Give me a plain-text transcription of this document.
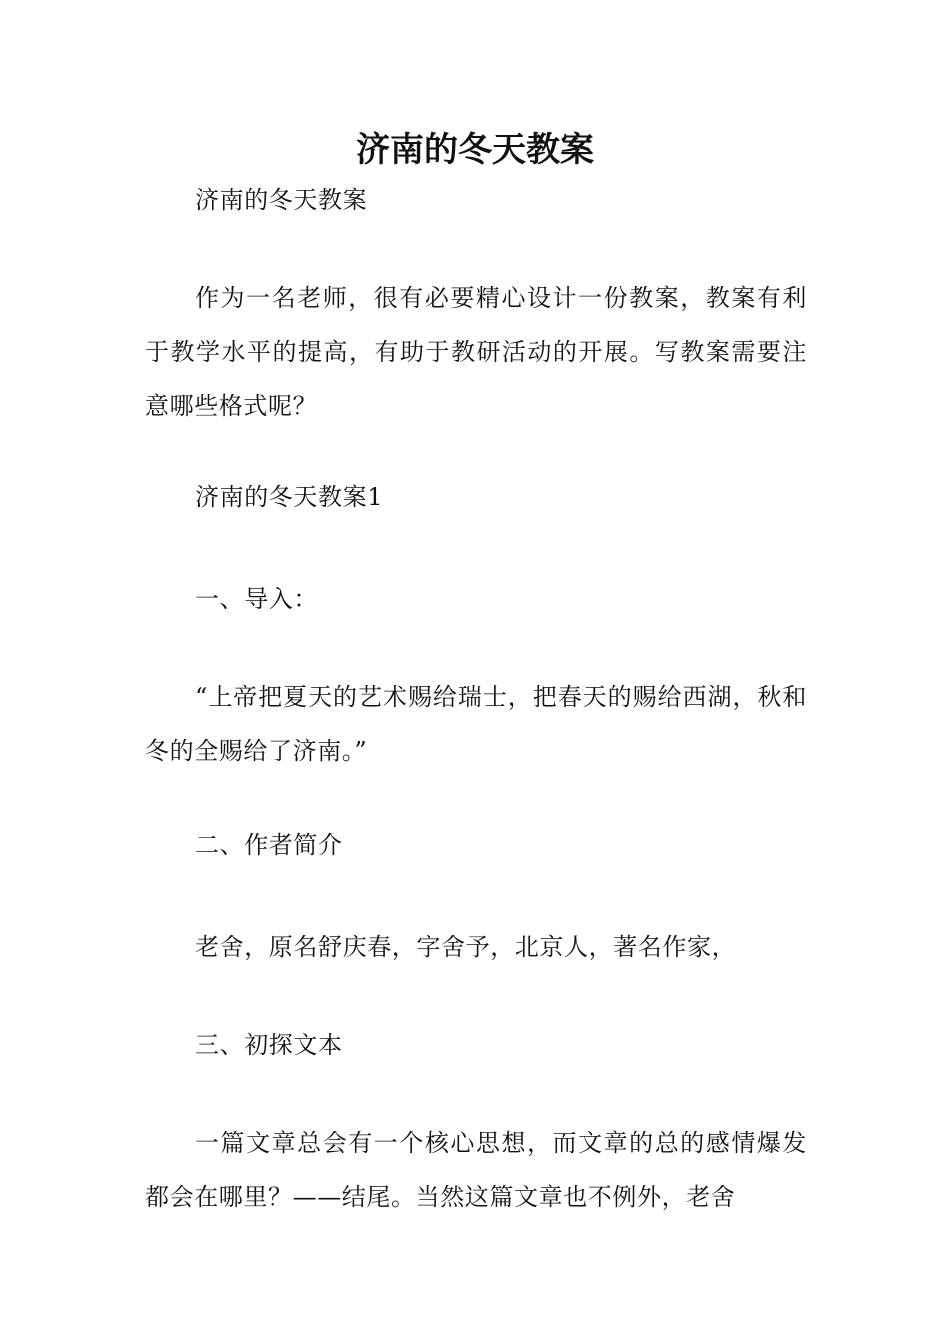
济南的冬天教案

济南的冬天教案

作为一名老师，很有必要精心设计一份教案，教案有利于教学水平的提高，有助于教研活动的开展。写教案需要注意哪些格式呢？

济南的冬天教案1

一、导入：

“上帝把夏天的艺术赐给瑞士，把春天的赐给西湖，秋和冬的全赐给了济南。”

二、作者简介

老舍，原名舒庆春，字舍予，北京人，著名作家，

三、初探文本

一篇文章总会有一个核心思想，而文章的总的感情爆发都会在哪里？——结尾。当然这篇文章也不例外，老舍
